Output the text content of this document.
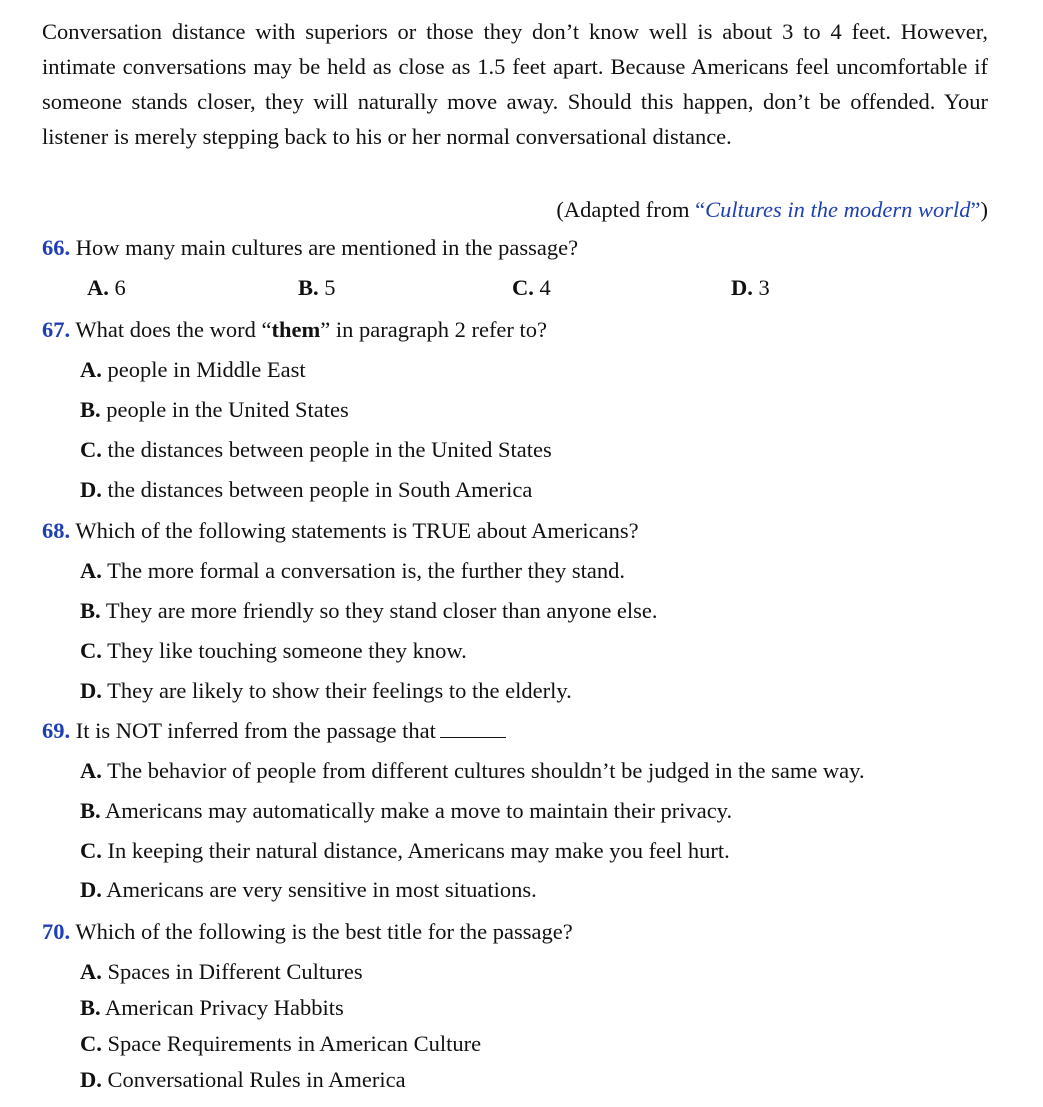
Conversation distance with superiors or those they don’t know well is about 3 to 4 feet. However, intimate conversations may be held as close as 1.5 feet apart. Because Americans feel uncomfortable if someone stands closer, they will naturally move away. Should this happen, don’t be offended. Your listener is merely stepping back to his or her normal conversational distance.

(Adapted from “Cultures in the modern world”)
66. How many main cultures are mentioned in the passage?
A. 6	B. 5	C. 4	D. 3
67. What does the word “them” in paragraph 2 refer to?
A. people in Middle East
B. people in the United States
C. the distances between people in the United States
D. the distances between people in South America
68. Which of the following statements is TRUE about Americans?
A. The more formal a conversation is, the further they stand.
B. They are more friendly so they stand closer than anyone else.
C. They like touching someone they know.
D. They are likely to show their feelings to the elderly.
69. It is NOT inferred from the passage that
A. The behavior of people from different cultures shouldn’t be judged in the same way.
B. Americans may automatically make a move to maintain their privacy.
C. In keeping their natural distance, Americans may make you feel hurt.
D. Americans are very sensitive in most situations.
70. Which of the following is the best title for the passage?
A. Spaces in Different Cultures
B. American Privacy Habbits
C. Space Requirements in American Culture
D. Conversational Rules in America
